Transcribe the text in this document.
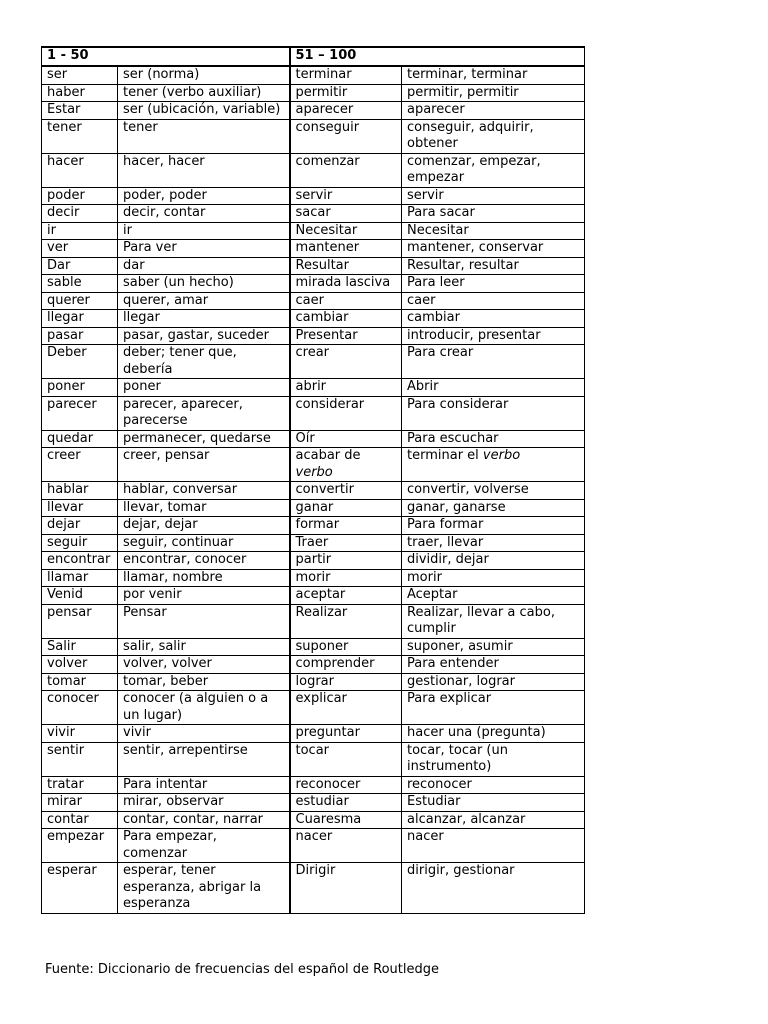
1 - 50		51 – 100	
ser	ser (norma)	terminar	terminar, terminar
haber	tener (verbo auxiliar)	permitir	permitir, permitir
Estar	ser (ubicación, variable)	aparecer	aparecer
tener	tener	conseguir	conseguir, adquirir, obtener
hacer	hacer, hacer	comenzar	comenzar, empezar, empezar
poder	poder, poder	servir	servir
decir	decir, contar	sacar	Para sacar
ir	ir	Necesitar	Necesitar
ver	Para ver	mantener	mantener, conservar
Dar	dar	Resultar	Resultar, resultar
sable	saber (un hecho)	mirada lasciva	Para leer
querer	querer, amar	caer	caer
llegar	llegar	cambiar	cambiar
pasar	pasar, gastar, suceder	Presentar	introducir, presentar
Deber	deber; tener que, debería	crear	Para crear
poner	poner	abrir	Abrir
parecer	parecer, aparecer, parecerse	considerar	Para considerar
quedar	permanecer, quedarse	Oír	Para escuchar
creer	creer, pensar	acabar de verbo	terminar el verbo
hablar	hablar, conversar	convertir	convertir, volverse
llevar	llevar, tomar	ganar	ganar, ganarse
dejar	dejar, dejar	formar	Para formar
seguir	seguir, continuar	Traer	traer, llevar
encontrar	encontrar, conocer	partir	dividir, dejar
llamar	llamar, nombre	morir	morir
Venid	por venir	aceptar	Aceptar
pensar	Pensar	Realizar	Realizar, llevar a cabo, cumplir
Salir	salir, salir	suponer	suponer, asumir
volver	volver, volver	comprender	Para entender
tomar	tomar, beber	lograr	gestionar, lograr
conocer	conocer (a alguien o a un lugar)	explicar	Para explicar
vivir	vivir	preguntar	hacer una (pregunta)
sentir	sentir, arrepentirse	tocar	tocar, tocar (un instrumento)
tratar	Para intentar	reconocer	reconocer
mirar	mirar, observar	estudiar	Estudiar
contar	contar, contar, narrar	Cuaresma	alcanzar, alcanzar
empezar	Para empezar, comenzar	nacer	nacer
esperar	esperar, tener esperanza, abrigar la esperanza	Dirigir	dirigir, gestionar
Fuente: Diccionario de frecuencias del español de Routledge
